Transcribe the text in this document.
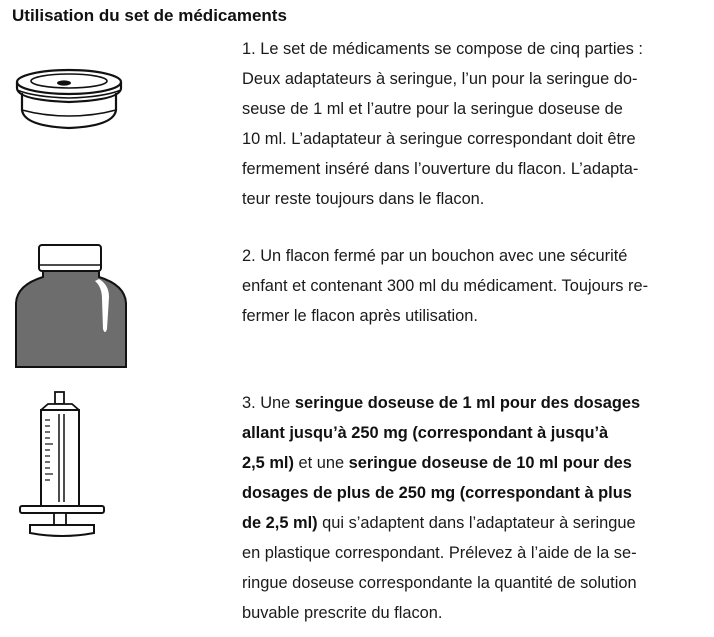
Utilisation du set de médicaments
1. Le set de médicaments se compose de cinq parties :
Deux adaptateurs à seringue, l’un pour la seringue do-
seuse de 1 ml et l’autre pour la seringue doseuse de
10 ml. L’adaptateur à seringue correspondant doit être
fermement inséré dans l’ouverture du flacon. L’adapta-
teur reste toujours dans le flacon.
2. Un flacon fermé par un bouchon avec une sécurité
enfant et contenant 300 ml du médicament. Toujours re-
fermer le flacon après utilisation.
3. Une seringue doseuse de 1 ml pour des dosages
allant jusqu’à 250 mg (correspondant à jusqu’à
2,5 ml) et une seringue doseuse de 10 ml pour des
dosages de plus de 250 mg (correspondant à plus
de 2,5 ml) qui s’adaptent dans l’adaptateur à seringue
en plastique correspondant. Prélevez à l’aide de la se-
ringue doseuse correspondante la quantité de solution
buvable prescrite du flacon.
